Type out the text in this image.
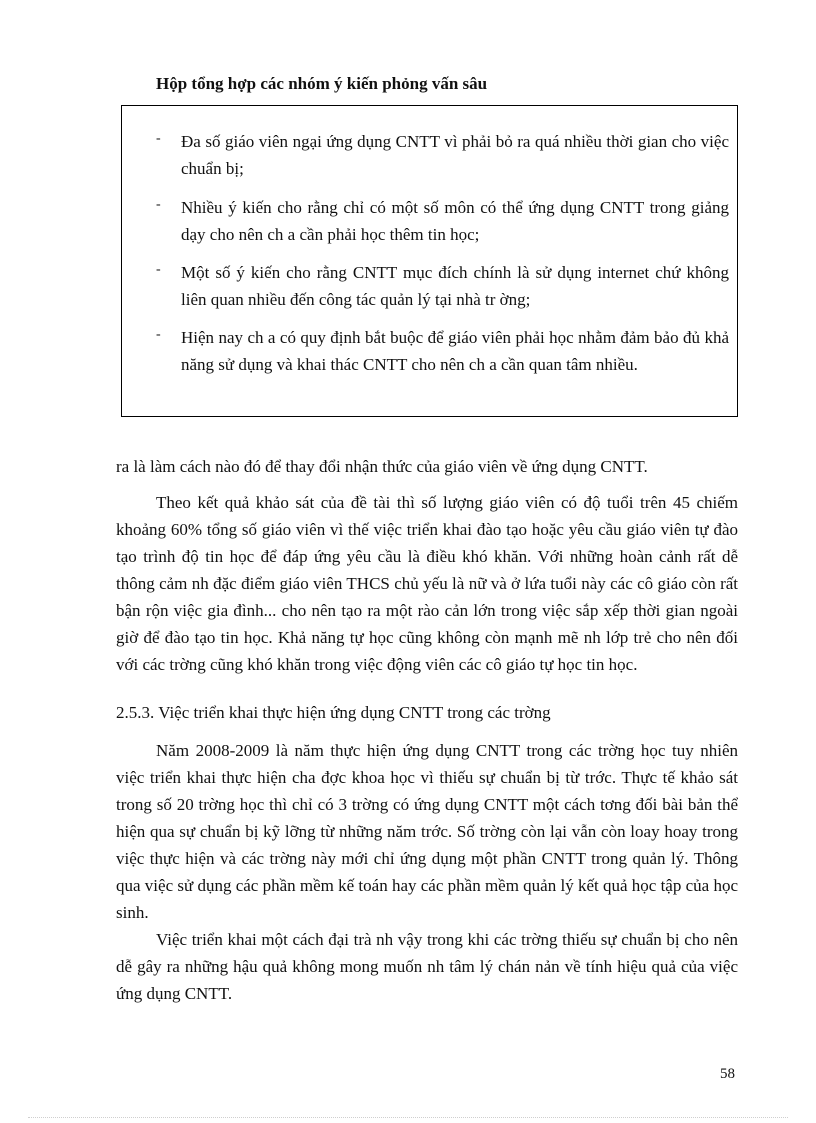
Hộp tổng hợp các nhóm ý kiến phỏng vấn sâu
- Đa số giáo viên ngại ứng dụng CNTT vì phải bỏ ra quá nhiều thời gian cho việc chuẩn bị;
- Nhiều ý kiến cho rằng chỉ có một số môn có thể ứng dụng CNTT trong giảng dạy cho nên ch a cần phải học thêm tin học;
- Một số ý kiến cho rằng CNTT mục đích chính là sử dụng internet chứ không liên quan nhiều đến công tác quản lý tại nhà tr ờng;
- Hiện nay ch a có quy định bắt buộc để giáo viên phải học nhằm đảm bảo đủ khả năng sử dụng và khai thác CNTT cho nên ch a cần quan tâm nhiều.

ra là làm cách nào đó để thay đổi nhận thức của giáo viên về ứng dụng CNTT.

Theo kết quả khảo sát của đề tài thì số lượng giáo viên có độ tuổi trên 45 chiếm khoảng 60% tổng số giáo viên vì thế việc triển khai đào tạo hoặc yêu cầu giáo viên tự đào tạo trình độ tin học để đáp ứng yêu cầu là điều khó khăn. Với những hoàn cảnh rất dễ thông cảm nh đặc điểm giáo viên THCS chủ yếu là nữ và ở lứa tuổi này các cô giáo còn rất bận rộn việc gia đình... cho nên tạo ra một rào cản lớn trong việc sắp xếp thời gian ngoài giờ để đào tạo tin học. Khả năng tự học cũng không còn mạnh mẽ nh lớp trẻ cho nên đối với các trờng cũng khó khăn trong việc động viên các cô giáo tự học tin học.

2.5.3. Việc triển khai thực hiện ứng dụng CNTT trong các trờng

Năm 2008-2009 là năm thực hiện ứng dụng CNTT trong các trờng học tuy nhiên việc triển khai thực hiện cha đợc khoa học vì thiếu sự chuẩn bị từ trớc. Thực tế khảo sát trong số 20 trờng học thì chỉ có 3 trờng có ứng dụng CNTT một cách tơng đối bài bản thể hiện qua sự chuẩn bị kỹ lỡng từ những năm trớc. Số trờng còn lại vẫn còn loay hoay trong việc thực hiện và các trờng này mới chỉ ứng dụng một phần CNTT trong quản lý. Thông qua việc sử dụng các phần mềm kế toán hay các phần mềm quản lý kết quả học tập của học sinh.

Việc triển khai một cách đại trà nh vậy trong khi các trờng thiếu sự chuẩn bị cho nên dễ gây ra những hậu quả không mong muốn nh tâm lý chán nản về tính hiệu quả của việc ứng dụng CNTT.

58
